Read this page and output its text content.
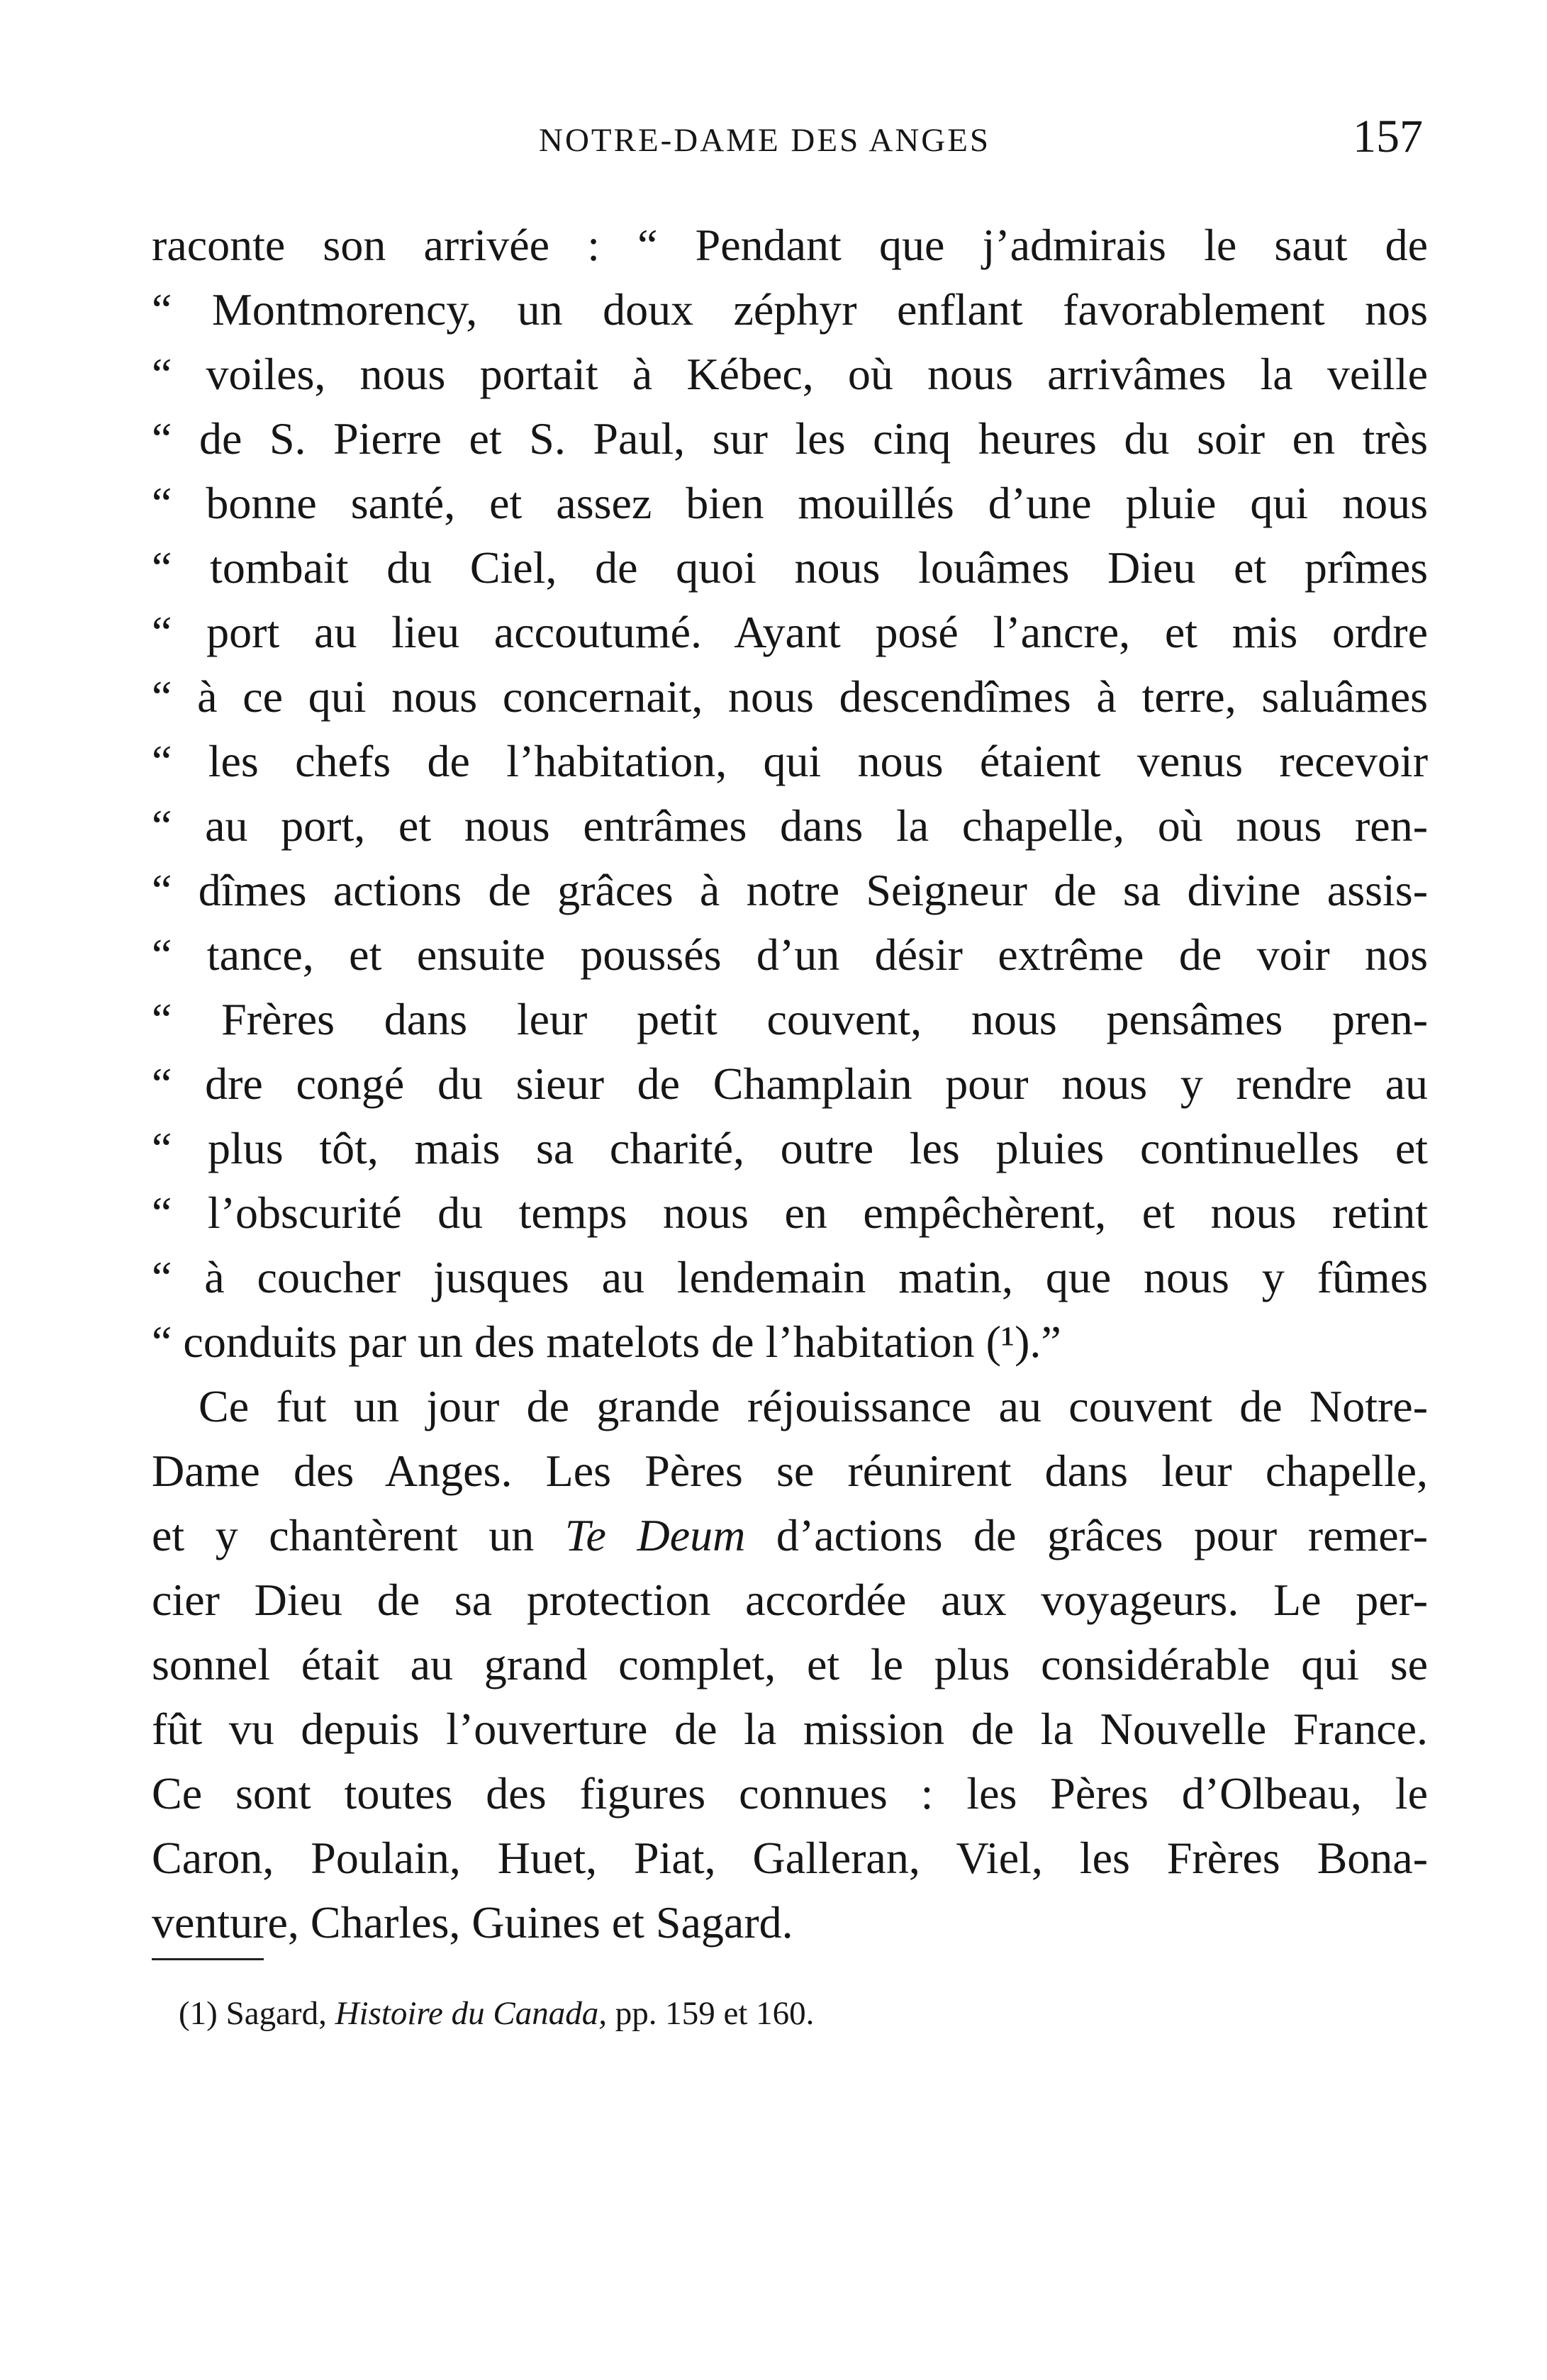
NOTRE-DAME DES ANGES	157
raconte son arrivée : “ Pendant que j’admirais le saut de
“ Montmorency, un doux zéphyr enflant favorablement nos
“ voiles, nous portait à Kébec, où nous arrivâmes la veille
“ de S. Pierre et S. Paul, sur les cinq heures du soir en très
“ bonne santé, et assez bien mouillés d’une pluie qui nous
“ tombait du Ciel, de quoi nous louâmes Dieu et prîmes
“ port au lieu accoutumé. Ayant posé l’ancre, et mis ordre
“ à ce qui nous concernait, nous descendîmes à terre, saluâmes
“ les chefs de l’habitation, qui nous étaient venus recevoir
“ au port, et nous entrâmes dans la chapelle, où nous ren-
“ dîmes actions de grâces à notre Seigneur de sa divine assis-
“ tance, et ensuite poussés d’un désir extrême de voir nos
“ Frères dans leur petit couvent, nous pensâmes pren-
“ dre congé du sieur de Champlain pour nous y rendre au
“ plus tôt, mais sa charité, outre les pluies continuelles et
“ l’obscurité du temps nous en empêchèrent, et nous retint
“ à coucher jusques au lendemain matin, que nous y fûmes
“ conduits par un des matelots de l’habitation (¹).”
Ce fut un jour de grande réjouissance au couvent de Notre-
Dame des Anges. Les Pères se réunirent dans leur chapelle,
et y chantèrent un Te Deum d’actions de grâces pour remer-
cier Dieu de sa protection accordée aux voyageurs. Le per-
sonnel était au grand complet, et le plus considérable qui se
fût vu depuis l’ouverture de la mission de la Nouvelle France.
Ce sont toutes des figures connues : les Pères d’Olbeau, le
Caron, Poulain, Huet, Piat, Galleran, Viel, les Frères Bona-
venture, Charles, Guines et Sagard.
(1) Sagard, Histoire du Canada, pp. 159 et 160.
